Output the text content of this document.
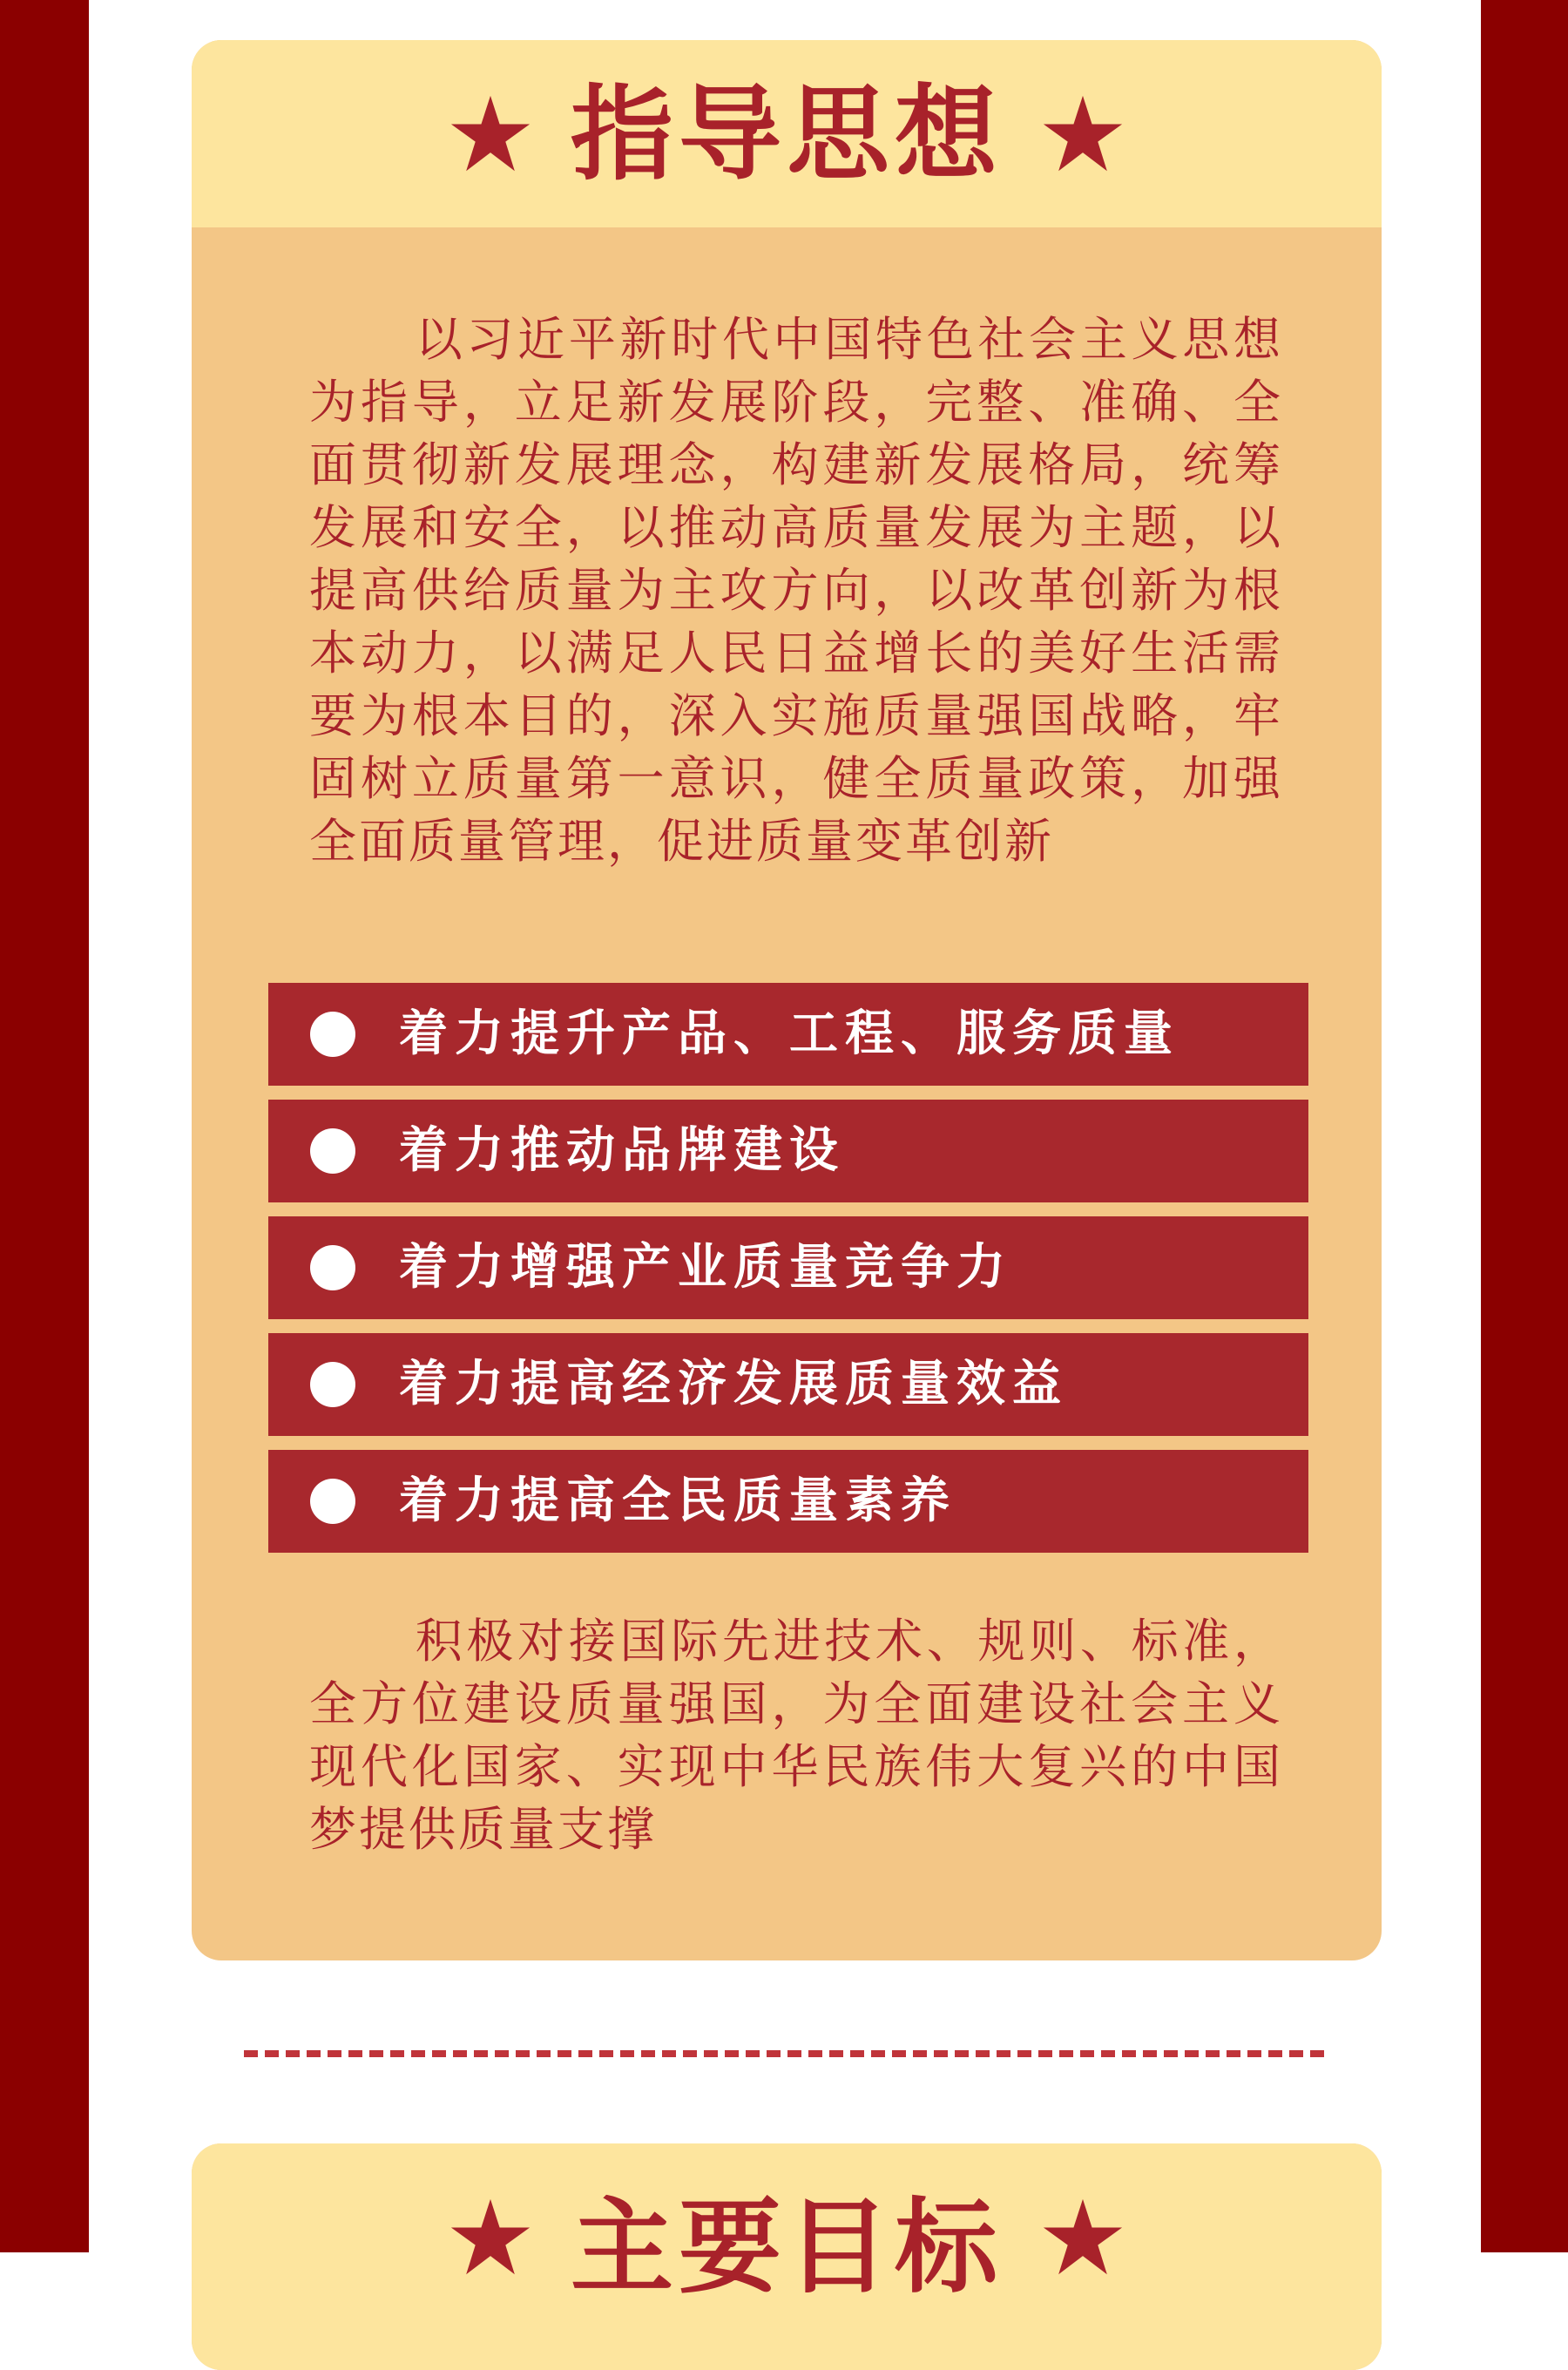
指导思想

以习近平新时代中国特色社会主义思想为指导，立足新发展阶段，完整、准确、全面贯彻新发展理念，构建新发展格局，统筹发展和安全，以推动高质量发展为主题，以提高供给质量为主攻方向，以改革创新为根本动力，以满足人民日益增长的美好生活需要为根本目的，深入实施质量强国战略，牢固树立质量第一意识，健全质量政策，加强全面质量管理，促进质量变革创新

着力提升产品、工程、服务质量
着力推动品牌建设
着力增强产业质量竞争力
着力提高经济发展质量效益
着力提高全民质量素养

积极对接国际先进技术、规则、标准，全方位建设质量强国，为全面建设社会主义现代化国家、实现中华民族伟大复兴的中国梦提供质量支撑

主要目标
